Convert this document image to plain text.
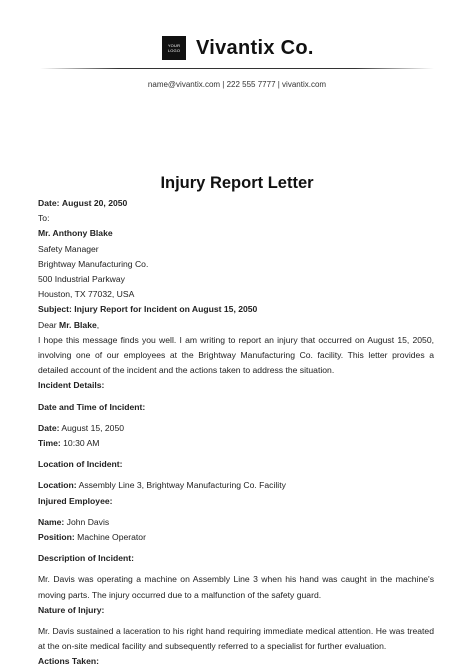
YOUR
LOGO Vivantix Co.
name@vivantix.com | 222 555 7777 | vivantix.com
Injury Report Letter

Date: August 20, 2050

To:

Mr. Anthony Blake

Safety Manager

Brightway Manufacturing Co.

500 Industrial Parkway

Houston, TX 77032, USA

Subject: Injury Report for Incident on August 15, 2050

Dear Mr. Blake,

I hope this message finds you well. I am writing to report an injury that occurred on August 15, 2050, involving one of our employees at the Brightway Manufacturing Co. facility. This letter provides a detailed account of the incident and the actions taken to address the situation.

Incident Details:

Date and Time of Incident:

Date: August 15, 2050

Time: 10:30 AM

Location of Incident:

Location: Assembly Line 3, Brightway Manufacturing Co. Facility

Injured Employee:

Name: John Davis

Position: Machine Operator

Description of Incident:

Mr. Davis was operating a machine on Assembly Line 3 when his hand was caught in the machine's moving parts. The injury occurred due to a malfunction of the safety guard.

Nature of Injury:

Mr. Davis sustained a laceration to his right hand requiring immediate medical attention. He was treated at the on-site medical facility and subsequently referred to a specialist for further evaluation.

Actions Taken:
